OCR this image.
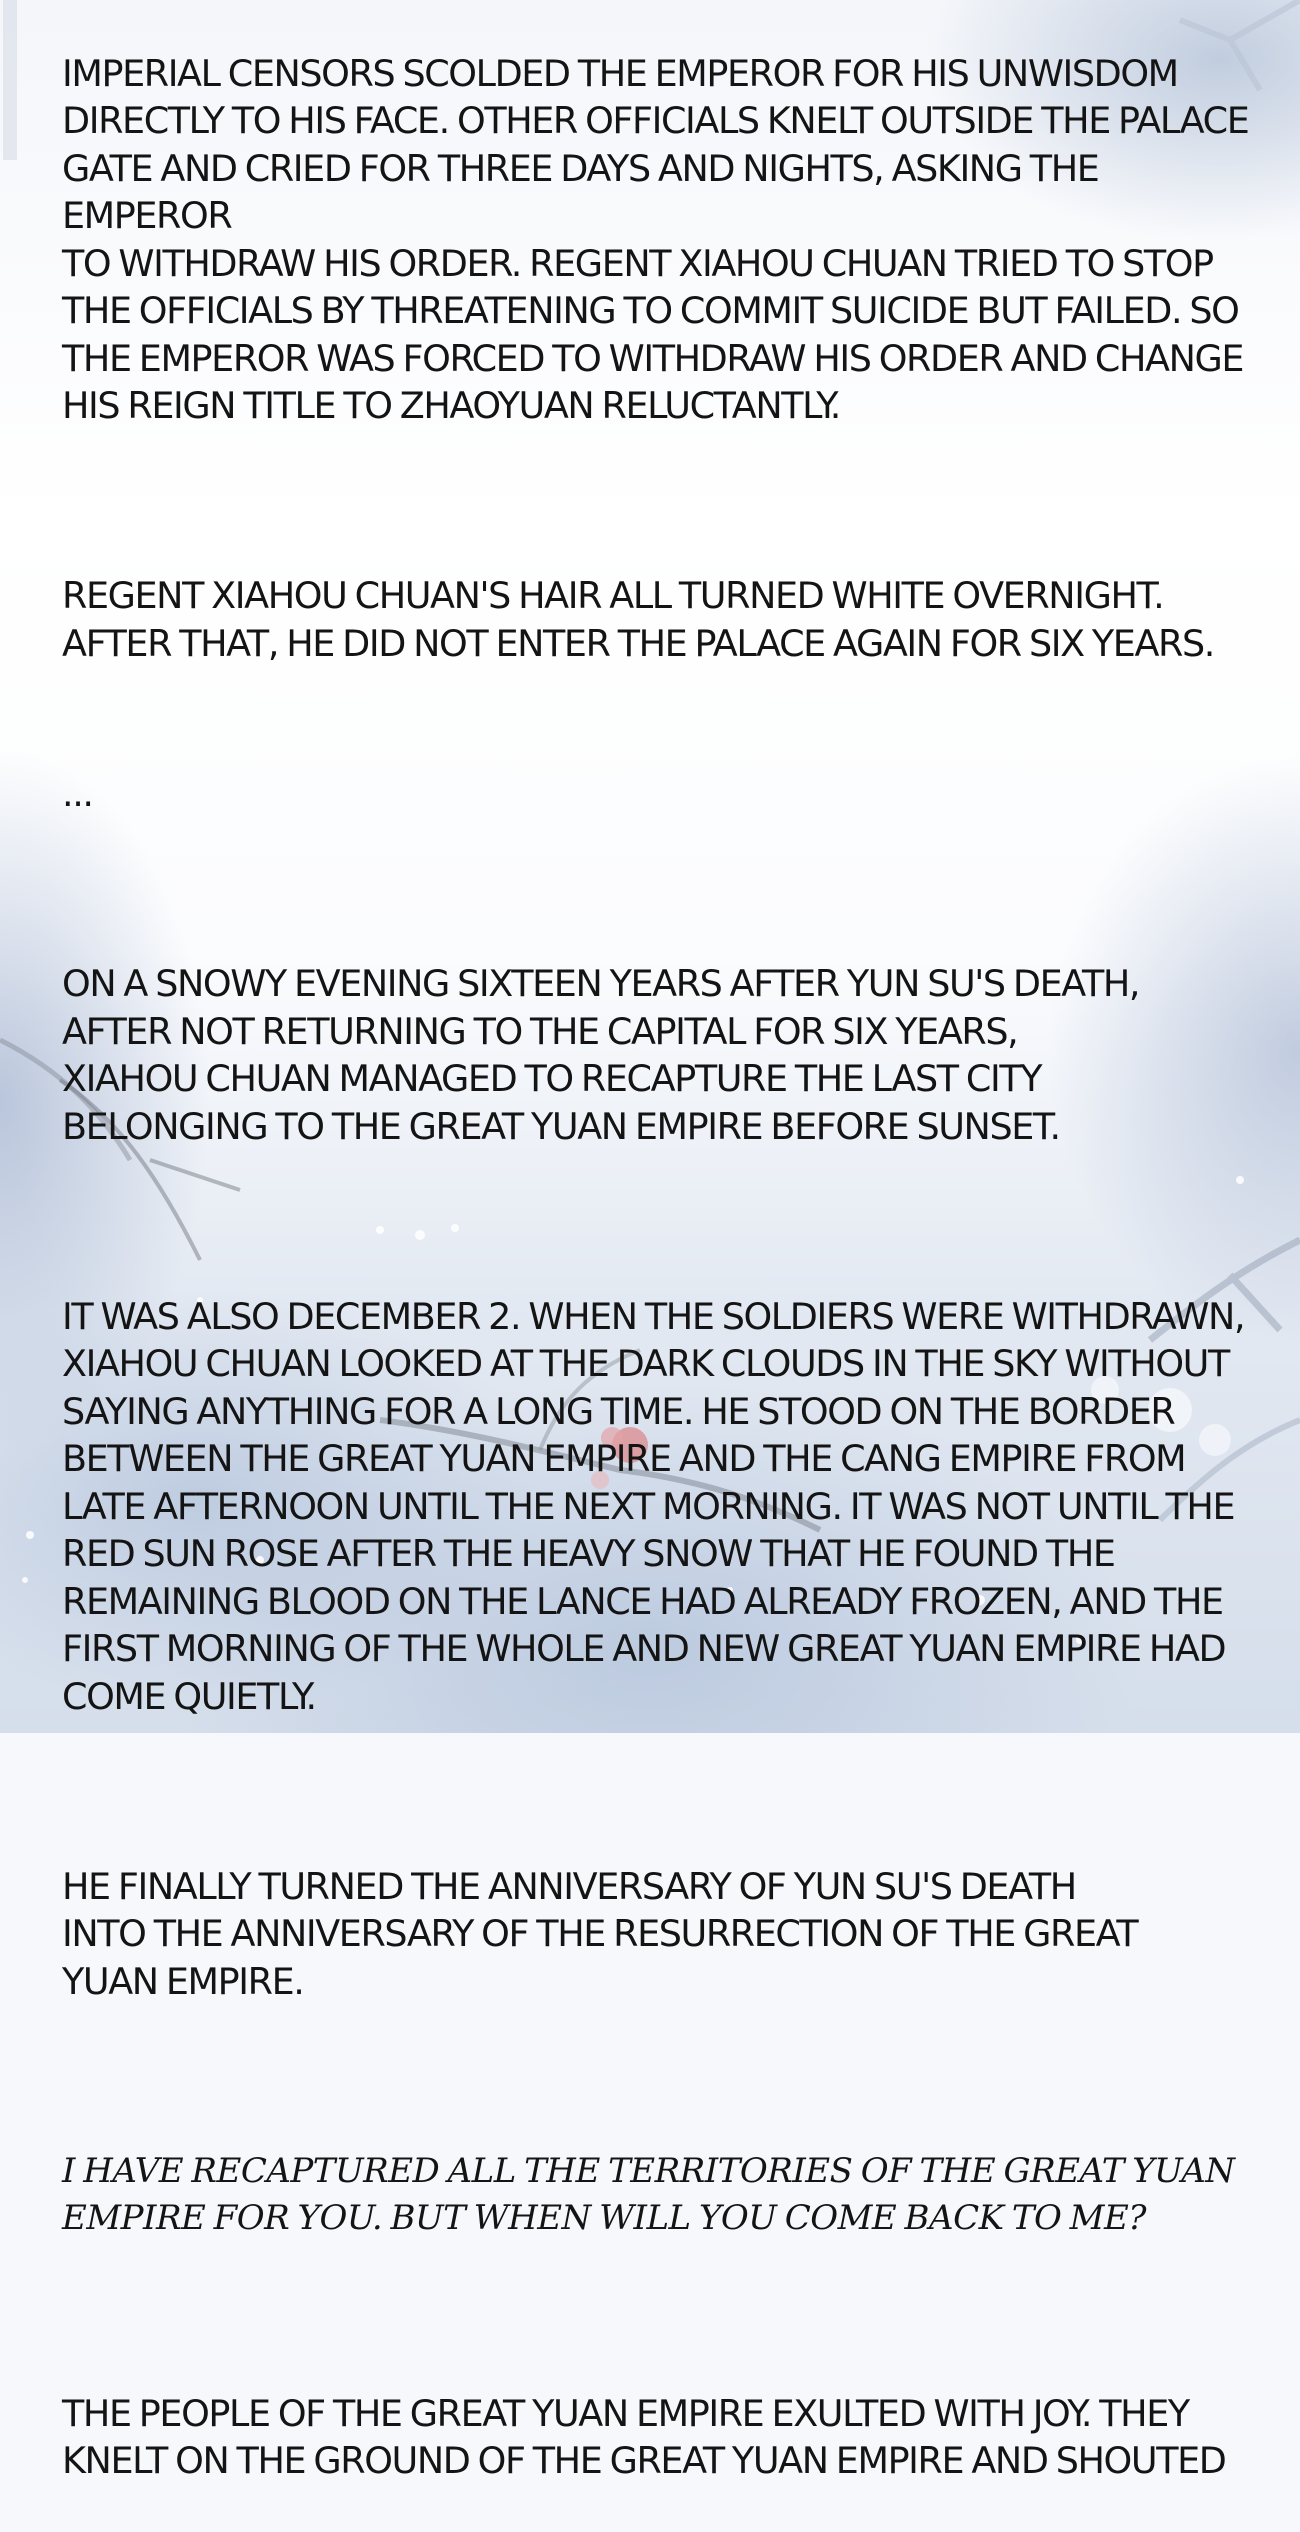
IMPERIAL CENSORS SCOLDED THE EMPEROR FOR HIS UNWISDOM
DIRECTLY TO HIS FACE. OTHER OFFICIALS KNELT OUTSIDE THE PALACE
GATE AND CRIED FOR THREE DAYS AND NIGHTS, ASKING THE EMPEROR
TO WITHDRAW HIS ORDER. REGENT XIAHOU CHUAN TRIED TO STOP
THE OFFICIALS BY THREATENING TO COMMIT SUICIDE BUT FAILED. SO
THE EMPEROR WAS FORCED TO WITHDRAW HIS ORDER AND CHANGE
HIS REIGN TITLE TO ZHAOYUAN RELUCTANTLY.

REGENT XIAHOU CHUAN'S HAIR ALL TURNED WHITE OVERNIGHT.
AFTER THAT, HE DID NOT ENTER THE PALACE AGAIN FOR SIX YEARS.

...

ON A SNOWY EVENING SIXTEEN YEARS AFTER YUN SU'S DEATH,
AFTER NOT RETURNING TO THE CAPITAL FOR SIX YEARS,
XIAHOU CHUAN MANAGED TO RECAPTURE THE LAST CITY
BELONGING TO THE GREAT YUAN EMPIRE BEFORE SUNSET.

IT WAS ALSO DECEMBER 2. WHEN THE SOLDIERS WERE WITHDRAWN,
XIAHOU CHUAN LOOKED AT THE DARK CLOUDS IN THE SKY WITHOUT
SAYING ANYTHING FOR A LONG TIME. HE STOOD ON THE BORDER
BETWEEN THE GREAT YUAN EMPIRE AND THE CANG EMPIRE FROM
LATE AFTERNOON UNTIL THE NEXT MORNING. IT WAS NOT UNTIL THE
RED SUN ROSE AFTER THE HEAVY SNOW THAT HE FOUND THE
REMAINING BLOOD ON THE LANCE HAD ALREADY FROZEN, AND THE
FIRST MORNING OF THE WHOLE AND NEW GREAT YUAN EMPIRE HAD
COME QUIETLY.

HE FINALLY TURNED THE ANNIVERSARY OF YUN SU'S DEATH
INTO THE ANNIVERSARY OF THE RESURRECTION OF THE GREAT
YUAN EMPIRE.

I HAVE RECAPTURED ALL THE TERRITORIES OF THE GREAT YUAN
EMPIRE FOR YOU. BUT WHEN WILL YOU COME BACK TO ME?

THE PEOPLE OF THE GREAT YUAN EMPIRE EXULTED WITH JOY. THEY
KNELT ON THE GROUND OF THE GREAT YUAN EMPIRE AND SHOUTED
